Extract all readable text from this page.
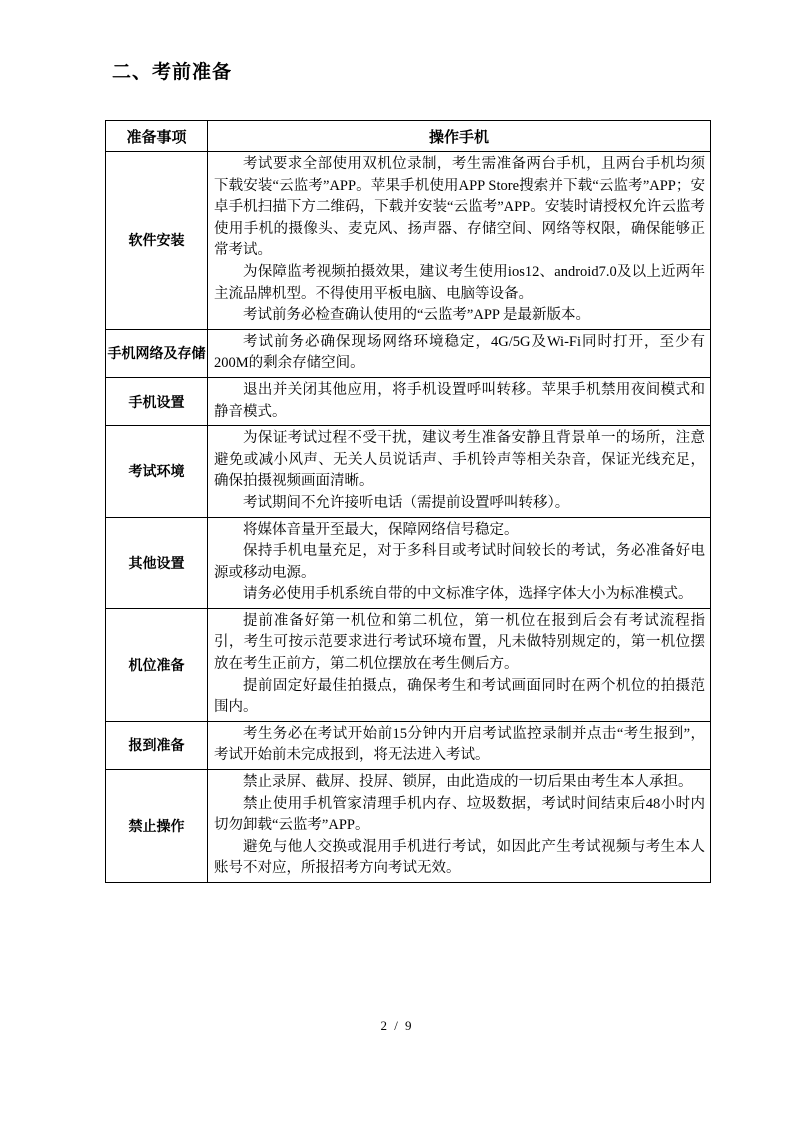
二、考前准备
准备事项	操作手机
软件安装	考试要求全部使用双机位录制，考生需准备两台手机，且两台手机均须下载安装“云监考”APP。苹果手机使用APP Store搜索并下载“云监考”APP；安卓手机扫描下方二维码，下载并安装“云监考”APP。安装时请授权允许云监考使用手机的摄像头、麦克风、扬声器、存储空间、网络等权限，确保能够正常考试。

为保障监考视频拍摄效果，建议考生使用ios12、android7.0及以上近两年主流品牌机型。不得使用平板电脑、电脑等设备。

考试前务必检查确认使用的“云监考”APP 是最新版本。

手机网络及存储	考试前务必确保现场网络环境稳定，4G/5G及Wi-Fi同时打开，至少有200M的剩余存储空间。

手机设置	退出并关闭其他应用，将手机设置呼叫转移。苹果手机禁用夜间模式和静音模式。

考试环境	为保证考试过程不受干扰，建议考生准备安静且背景单一的场所，注意避免或减小风声、无关人员说话声、手机铃声等相关杂音，保证光线充足，确保拍摄视频画面清晰。

考试期间不允许接听电话（需提前设置呼叫转移）。

其他设置	将媒体音量开至最大，保障网络信号稳定。

保持手机电量充足，对于多科目或考试时间较长的考试，务必准备好电源或移动电源。

请务必使用手机系统自带的中文标准字体，选择字体大小为标准模式。

机位准备	提前准备好第一机位和第二机位，第一机位在报到后会有考试流程指引，考生可按示范要求进行考试环境布置，凡未做特别规定的，第一机位摆放在考生正前方，第二机位摆放在考生侧后方。

提前固定好最佳拍摄点，确保考生和考试画面同时在两个机位的拍摄范围内。

报到准备	考生务必在考试开始前15分钟内开启考试监控录制并点击“考生报到”，考试开始前未完成报到，将无法进入考试。

禁止操作	禁止录屏、截屏、投屏、锁屏，由此造成的一切后果由考生本人承担。

禁止使用手机管家清理手机内存、垃圾数据，考试时间结束后48小时内切勿卸载“云监考”APP。

避免与他人交换或混用手机进行考试，如因此产生考试视频与考生本人账号不对应，所报招考方向考试无效。

2 / 9
